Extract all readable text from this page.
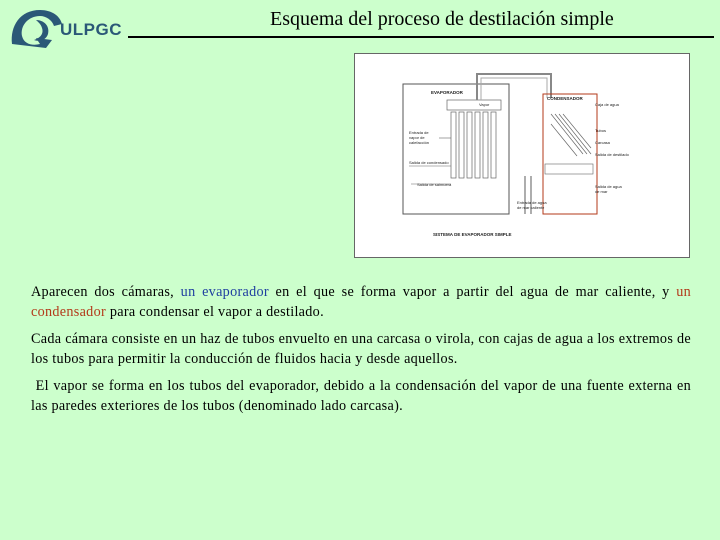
ULPGC	Esquema del proceso de destilación simple
EVAPORADOR
Vapor
Entrada de
vapor de
calefacción
Salida de condensado
Salida de salmuera
CONDENSADOR
Caja de agua
Tubos
Carcasa
Salida de destilado
Salida de agua
de mar
Entrada de agua
de mar caliente
SISTEMA DE EVAPORADOR SIMPLE
Aparecen dos cámaras, un evaporador en el que se forma vapor a partir del agua de mar caliente, y un condensador para condensar el vapor a destilado.
Cada cámara consiste en un haz de tubos envuelto en una carcasa o virola, con cajas de agua a los extremos de los tubos para permitir la conducción de fluidos hacia y desde aquellos.
El vapor se forma en los tubos del evaporador, debido a la condensación del vapor de una fuente externa en las paredes exteriores de los tubos (denominado lado carcasa).
